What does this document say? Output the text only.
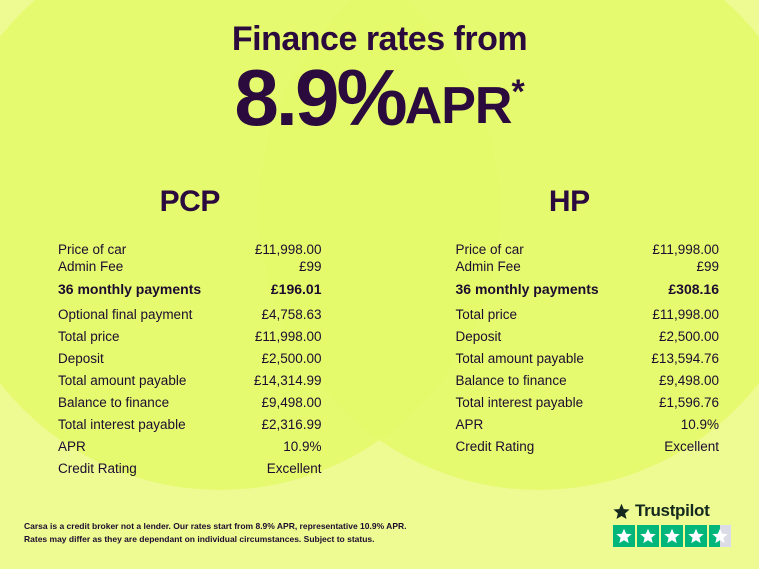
Finance rates from
8.9%APR*
PCP
Price of car	£11,998.00
Admin Fee	£99
36 monthly payments	£196.01
Optional final payment	£4,758.63
Total price	£11,998.00
Deposit	£2,500.00
Total amount payable	£14,314.99
Balance to finance	£9,498.00
Total interest payable	£2,316.99
APR	10.9%
Credit Rating	Excellent
HP
Price of car	£11,998.00
Admin Fee	£99
36 monthly payments	£308.16
Total price	£11,998.00
Deposit	£2,500.00
Total amount payable	£13,594.76
Balance to finance	£9,498.00
Total interest payable	£1,596.76
APR	10.9%
Credit Rating	Excellent
Carsa is a credit broker not a lender. Our rates start from 8.9% APR, representative 10.9% APR.
Rates may differ as they are dependant on individual circumstances. Subject to status.
Trustpilot
